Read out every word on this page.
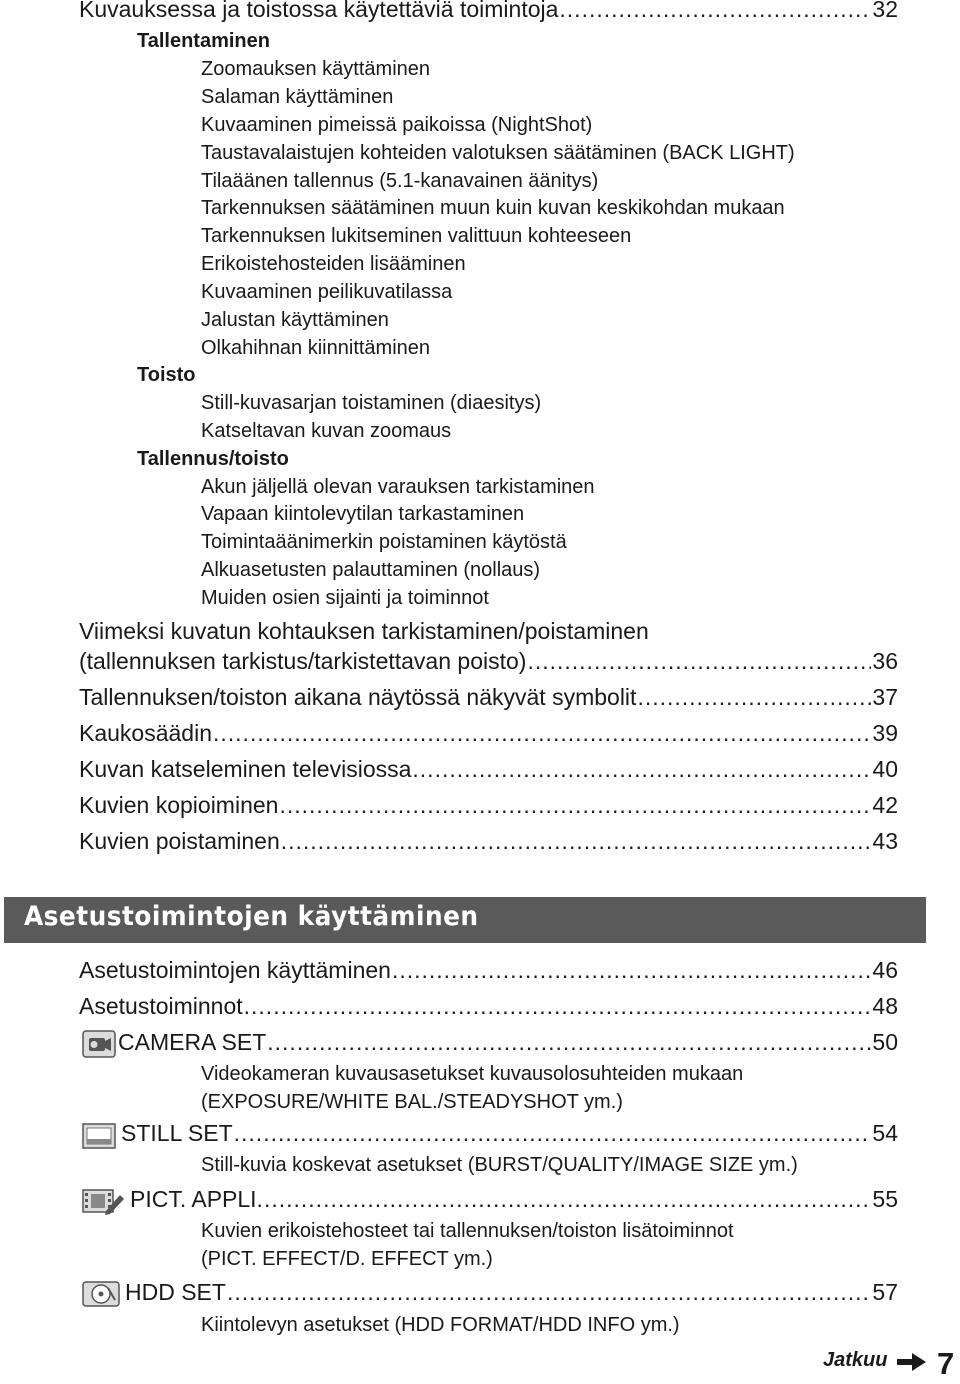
Kuvauksessa ja toistossa käytettäviä toimintoja .....	32
Tallentaminen
Zoomauksen käyttäminen
Salaman käyttäminen
Kuvaaminen pimeissä paikoissa (NightShot)
Taustavalaistujen kohteiden valotuksen säätäminen (BACK LIGHT)
Tilaäänen tallennus (5.1-kanavainen äänitys)
Tarkennuksen säätäminen muun kuin kuvan keskikohdan mukaan
Tarkennuksen lukitseminen valittuun kohteeseen
Erikoistehosteiden lisääminen
Kuvaaminen peilikuvatilassa
Jalustan käyttäminen
Olkahihnan kiinnittäminen
Toisto
Still-kuvasarjan toistaminen (diaesitys)
Katseltavan kuvan zoomaus
Tallennus/toisto
Akun jäljellä olevan varauksen tarkistaminen
Vapaan kiintolevytilan tarkastaminen
Toimintaäänimerkin poistaminen käytöstä
Alkuasetusten palauttaminen (nollaus)
Muiden osien sijainti ja toiminnot
Viimeksi kuvatun kohtauksen tarkistaminen/poistaminen
(tallennuksen tarkistus/tarkistettavan poisto) .....	36
Tallennuksen/toiston aikana näytössä näkyvät symbolit .....	37
Kaukosäädin .....	39
Kuvan katseleminen televisiossa .....	40
Kuvien kopioiminen .....	42
Kuvien poistaminen .....	43
Asetustoimintojen käyttäminen
Asetustoimintojen käyttäminen .....	46
Asetustoiminnot .....	48
CAMERA SET .....	50
Videokameran kuvausasetukset kuvausolosuhteiden mukaan
(EXPOSURE/WHITE BAL./STEADYSHOT ym.)
STILL SET .....	54
Still-kuvia koskevat asetukset (BURST/QUALITY/IMAGE SIZE ym.)
PICT. APPLI. .....	55
Kuvien erikoistehosteet tai tallennuksen/toiston lisätoiminnot
(PICT. EFFECT/D. EFFECT ym.)
HDD SET .....	57
Kiintolevyn asetukset (HDD FORMAT/HDD INFO ym.)
Jatkuu 7
